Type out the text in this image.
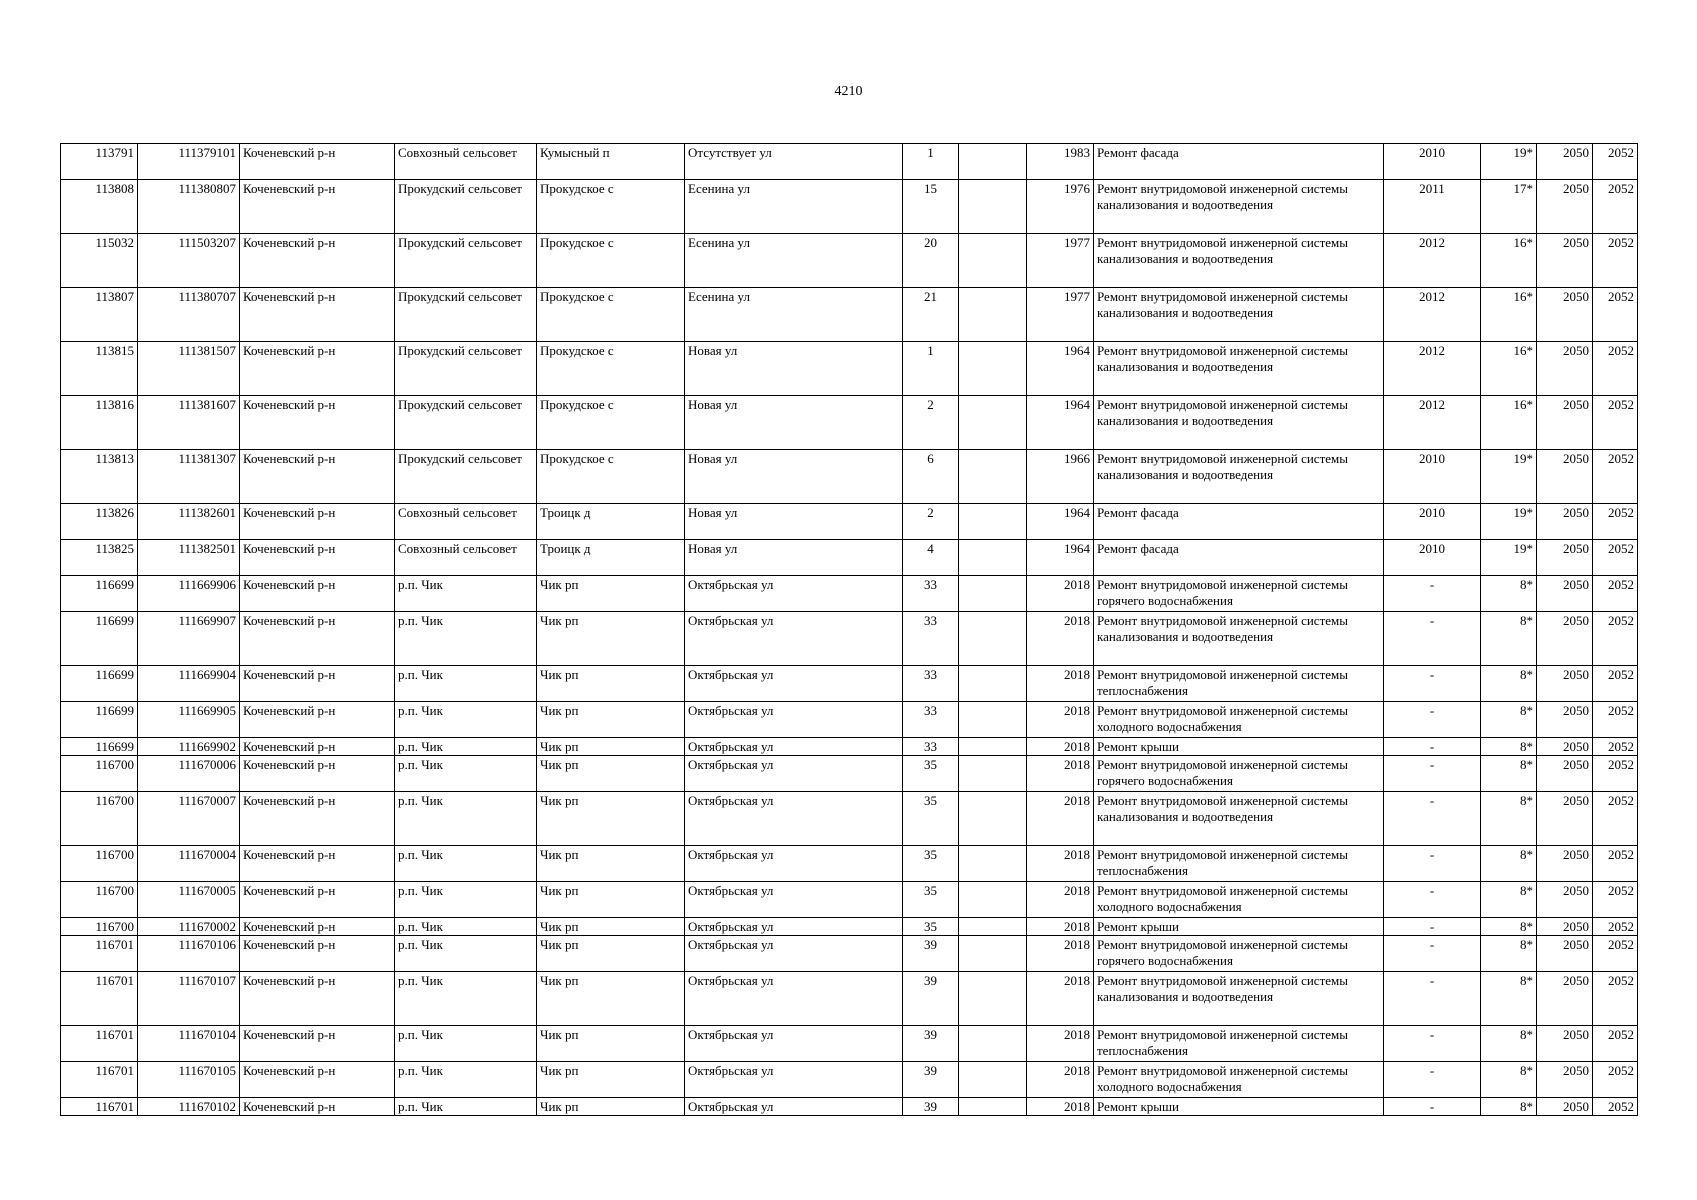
4210
113791	111379101	Коченевский р-н	Совхозный сельсовет	Кумысный п	Отсутствует ул	1		1983	Ремонт фасада	2010	19*	2050	2052
113808	111380807	Коченевский р-н	Прокудский сельсовет	Прокудское с	Есенина ул	15		1976	Ремонт внутридомовой инженерной системы канализования и водоотведения	2011	17*	2050	2052
115032	111503207	Коченевский р-н	Прокудский сельсовет	Прокудское с	Есенина ул	20		1977	Ремонт внутридомовой инженерной системы канализования и водоотведения	2012	16*	2050	2052
113807	111380707	Коченевский р-н	Прокудский сельсовет	Прокудское с	Есенина ул	21		1977	Ремонт внутридомовой инженерной системы канализования и водоотведения	2012	16*	2050	2052
113815	111381507	Коченевский р-н	Прокудский сельсовет	Прокудское с	Новая ул	1		1964	Ремонт внутридомовой инженерной системы канализования и водоотведения	2012	16*	2050	2052
113816	111381607	Коченевский р-н	Прокудский сельсовет	Прокудское с	Новая ул	2		1964	Ремонт внутридомовой инженерной системы канализования и водоотведения	2012	16*	2050	2052
113813	111381307	Коченевский р-н	Прокудский сельсовет	Прокудское с	Новая ул	6		1966	Ремонт внутридомовой инженерной системы канализования и водоотведения	2010	19*	2050	2052
113826	111382601	Коченевский р-н	Совхозный сельсовет	Троицк д	Новая ул	2		1964	Ремонт фасада	2010	19*	2050	2052
113825	111382501	Коченевский р-н	Совхозный сельсовет	Троицк д	Новая ул	4		1964	Ремонт фасада	2010	19*	2050	2052
116699	111669906	Коченевский р-н	р.п. Чик	Чик рп	Октябрьская ул	33		2018	Ремонт внутридомовой инженерной системы горячего водоснабжения	-	8*	2050	2052
116699	111669907	Коченевский р-н	р.п. Чик	Чик рп	Октябрьская ул	33		2018	Ремонт внутридомовой инженерной системы канализования и водоотведения	-	8*	2050	2052
116699	111669904	Коченевский р-н	р.п. Чик	Чик рп	Октябрьская ул	33		2018	Ремонт внутридомовой инженерной системы теплоснабжения	-	8*	2050	2052
116699	111669905	Коченевский р-н	р.п. Чик	Чик рп	Октябрьская ул	33		2018	Ремонт внутридомовой инженерной системы холодного водоснабжения	-	8*	2050	2052
116699	111669902	Коченевский р-н	р.п. Чик	Чик рп	Октябрьская ул	33		2018	Ремонт крыши	-	8*	2050	2052
116700	111670006	Коченевский р-н	р.п. Чик	Чик рп	Октябрьская ул	35		2018	Ремонт внутридомовой инженерной системы горячего водоснабжения	-	8*	2050	2052
116700	111670007	Коченевский р-н	р.п. Чик	Чик рп	Октябрьская ул	35		2018	Ремонт внутридомовой инженерной системы канализования и водоотведения	-	8*	2050	2052
116700	111670004	Коченевский р-н	р.п. Чик	Чик рп	Октябрьская ул	35		2018	Ремонт внутридомовой инженерной системы теплоснабжения	-	8*	2050	2052
116700	111670005	Коченевский р-н	р.п. Чик	Чик рп	Октябрьская ул	35		2018	Ремонт внутридомовой инженерной системы холодного водоснабжения	-	8*	2050	2052
116700	111670002	Коченевский р-н	р.п. Чик	Чик рп	Октябрьская ул	35		2018	Ремонт крыши	-	8*	2050	2052
116701	111670106	Коченевский р-н	р.п. Чик	Чик рп	Октябрьская ул	39		2018	Ремонт внутридомовой инженерной системы горячего водоснабжения	-	8*	2050	2052
116701	111670107	Коченевский р-н	р.п. Чик	Чик рп	Октябрьская ул	39		2018	Ремонт внутридомовой инженерной системы канализования и водоотведения	-	8*	2050	2052
116701	111670104	Коченевский р-н	р.п. Чик	Чик рп	Октябрьская ул	39		2018	Ремонт внутридомовой инженерной системы теплоснабжения	-	8*	2050	2052
116701	111670105	Коченевский р-н	р.п. Чик	Чик рп	Октябрьская ул	39		2018	Ремонт внутридомовой инженерной системы холодного водоснабжения	-	8*	2050	2052
116701	111670102	Коченевский р-н	р.п. Чик	Чик рп	Октябрьская ул	39		2018	Ремонт крыши	-	8*	2050	2052
